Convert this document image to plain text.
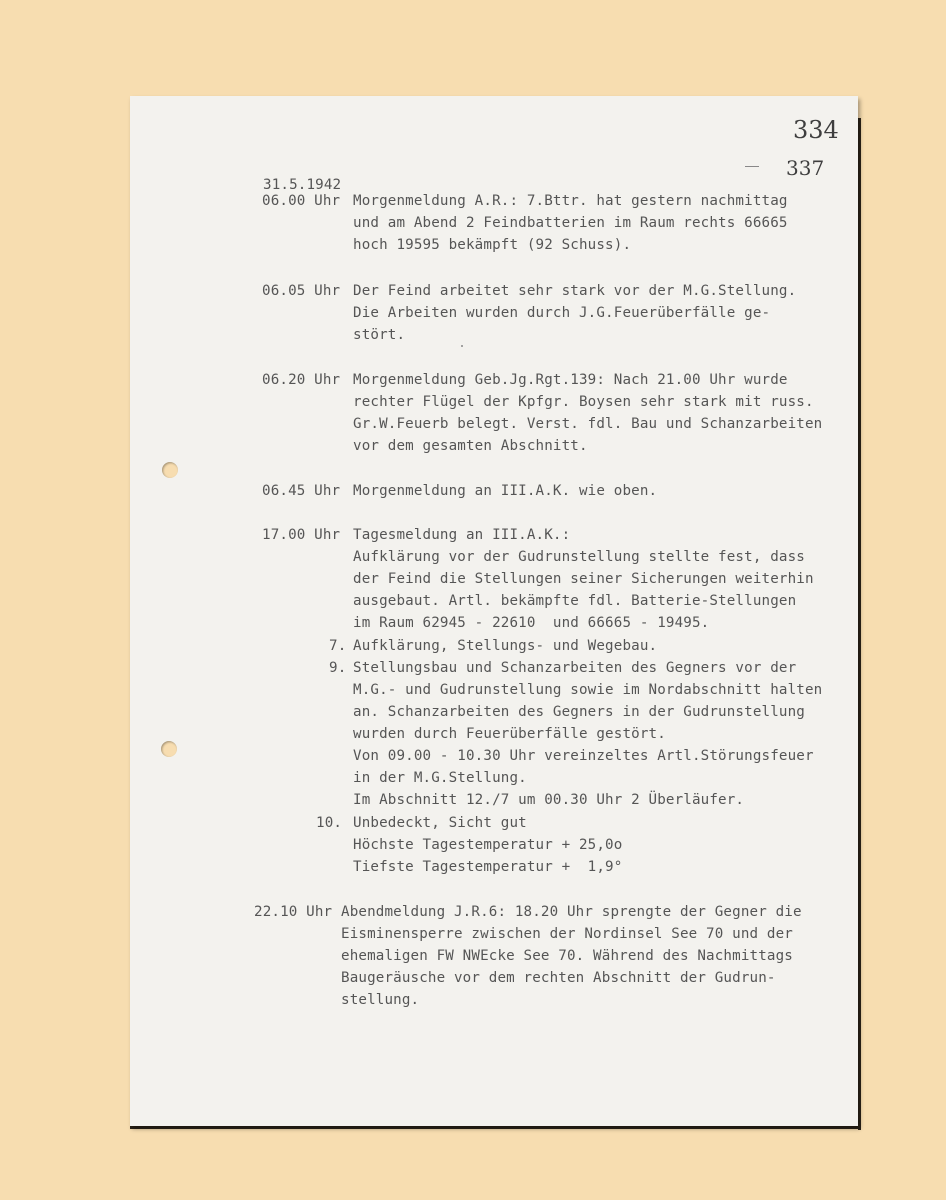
334
337
31.5.1942
06.00 Uhr Morgenmeldung A.R.: 7.Bttr. hat gestern nachmittag
und am Abend 2 Feindbatterien im Raum rechts 66665
hoch 19595 bekämpft (92 Schuss).
06.05 Uhr Der Feind arbeitet sehr stark vor der M.G.Stellung.
Die Arbeiten wurden durch J.G.Feuerüberfälle ge-
stört.
06.20 Uhr Morgenmeldung Geb.Jg.Rgt.139: Nach 21.00 Uhr wurde
rechter Flügel der Kpfgr. Boysen sehr stark mit russ.
Gr.W.Feuerb belegt. Verst. fdl. Bau und Schanzarbeiten
vor dem gesamten Abschnitt.
06.45 Uhr Morgenmeldung an III.A.K. wie oben.
17.00 Uhr Tagesmeldung an III.A.K.:
Aufklärung vor der Gudrunstellung stellte fest, dass
der Feind die Stellungen seiner Sicherungen weiterhin
ausgebaut. Artl. bekämpfte fdl. Batterie-Stellungen
im Raum 62945 - 22610  und 66665 - 19495.
7. Aufklärung, Stellungs- und Wegebau.
9. Stellungsbau und Schanzarbeiten des Gegners vor der
M.G.- und Gudrunstellung sowie im Nordabschnitt halten
an. Schanzarbeiten des Gegners in der Gudrunstellung
wurden durch Feuerüberfälle gestört.
Von 09.00 - 10.30 Uhr vereinzeltes Artl.Störungsfeuer
in der M.G.Stellung.
Im Abschnitt 12./7 um 00.30 Uhr 2 Überläufer.
10. Unbedeckt, Sicht gut
Höchste Tagestemperatur + 25,0o
Tiefste Tagestemperatur +  1,9°
22.10 Uhr Abendmeldung J.R.6: 18.20 Uhr sprengte der Gegner die
Eisminensperre zwischen der Nordinsel See 70 und der
ehemaligen FW NWEcke See 70. Während des Nachmittags
Baugeräusche vor dem rechten Abschnitt der Gudrun-
stellung.
